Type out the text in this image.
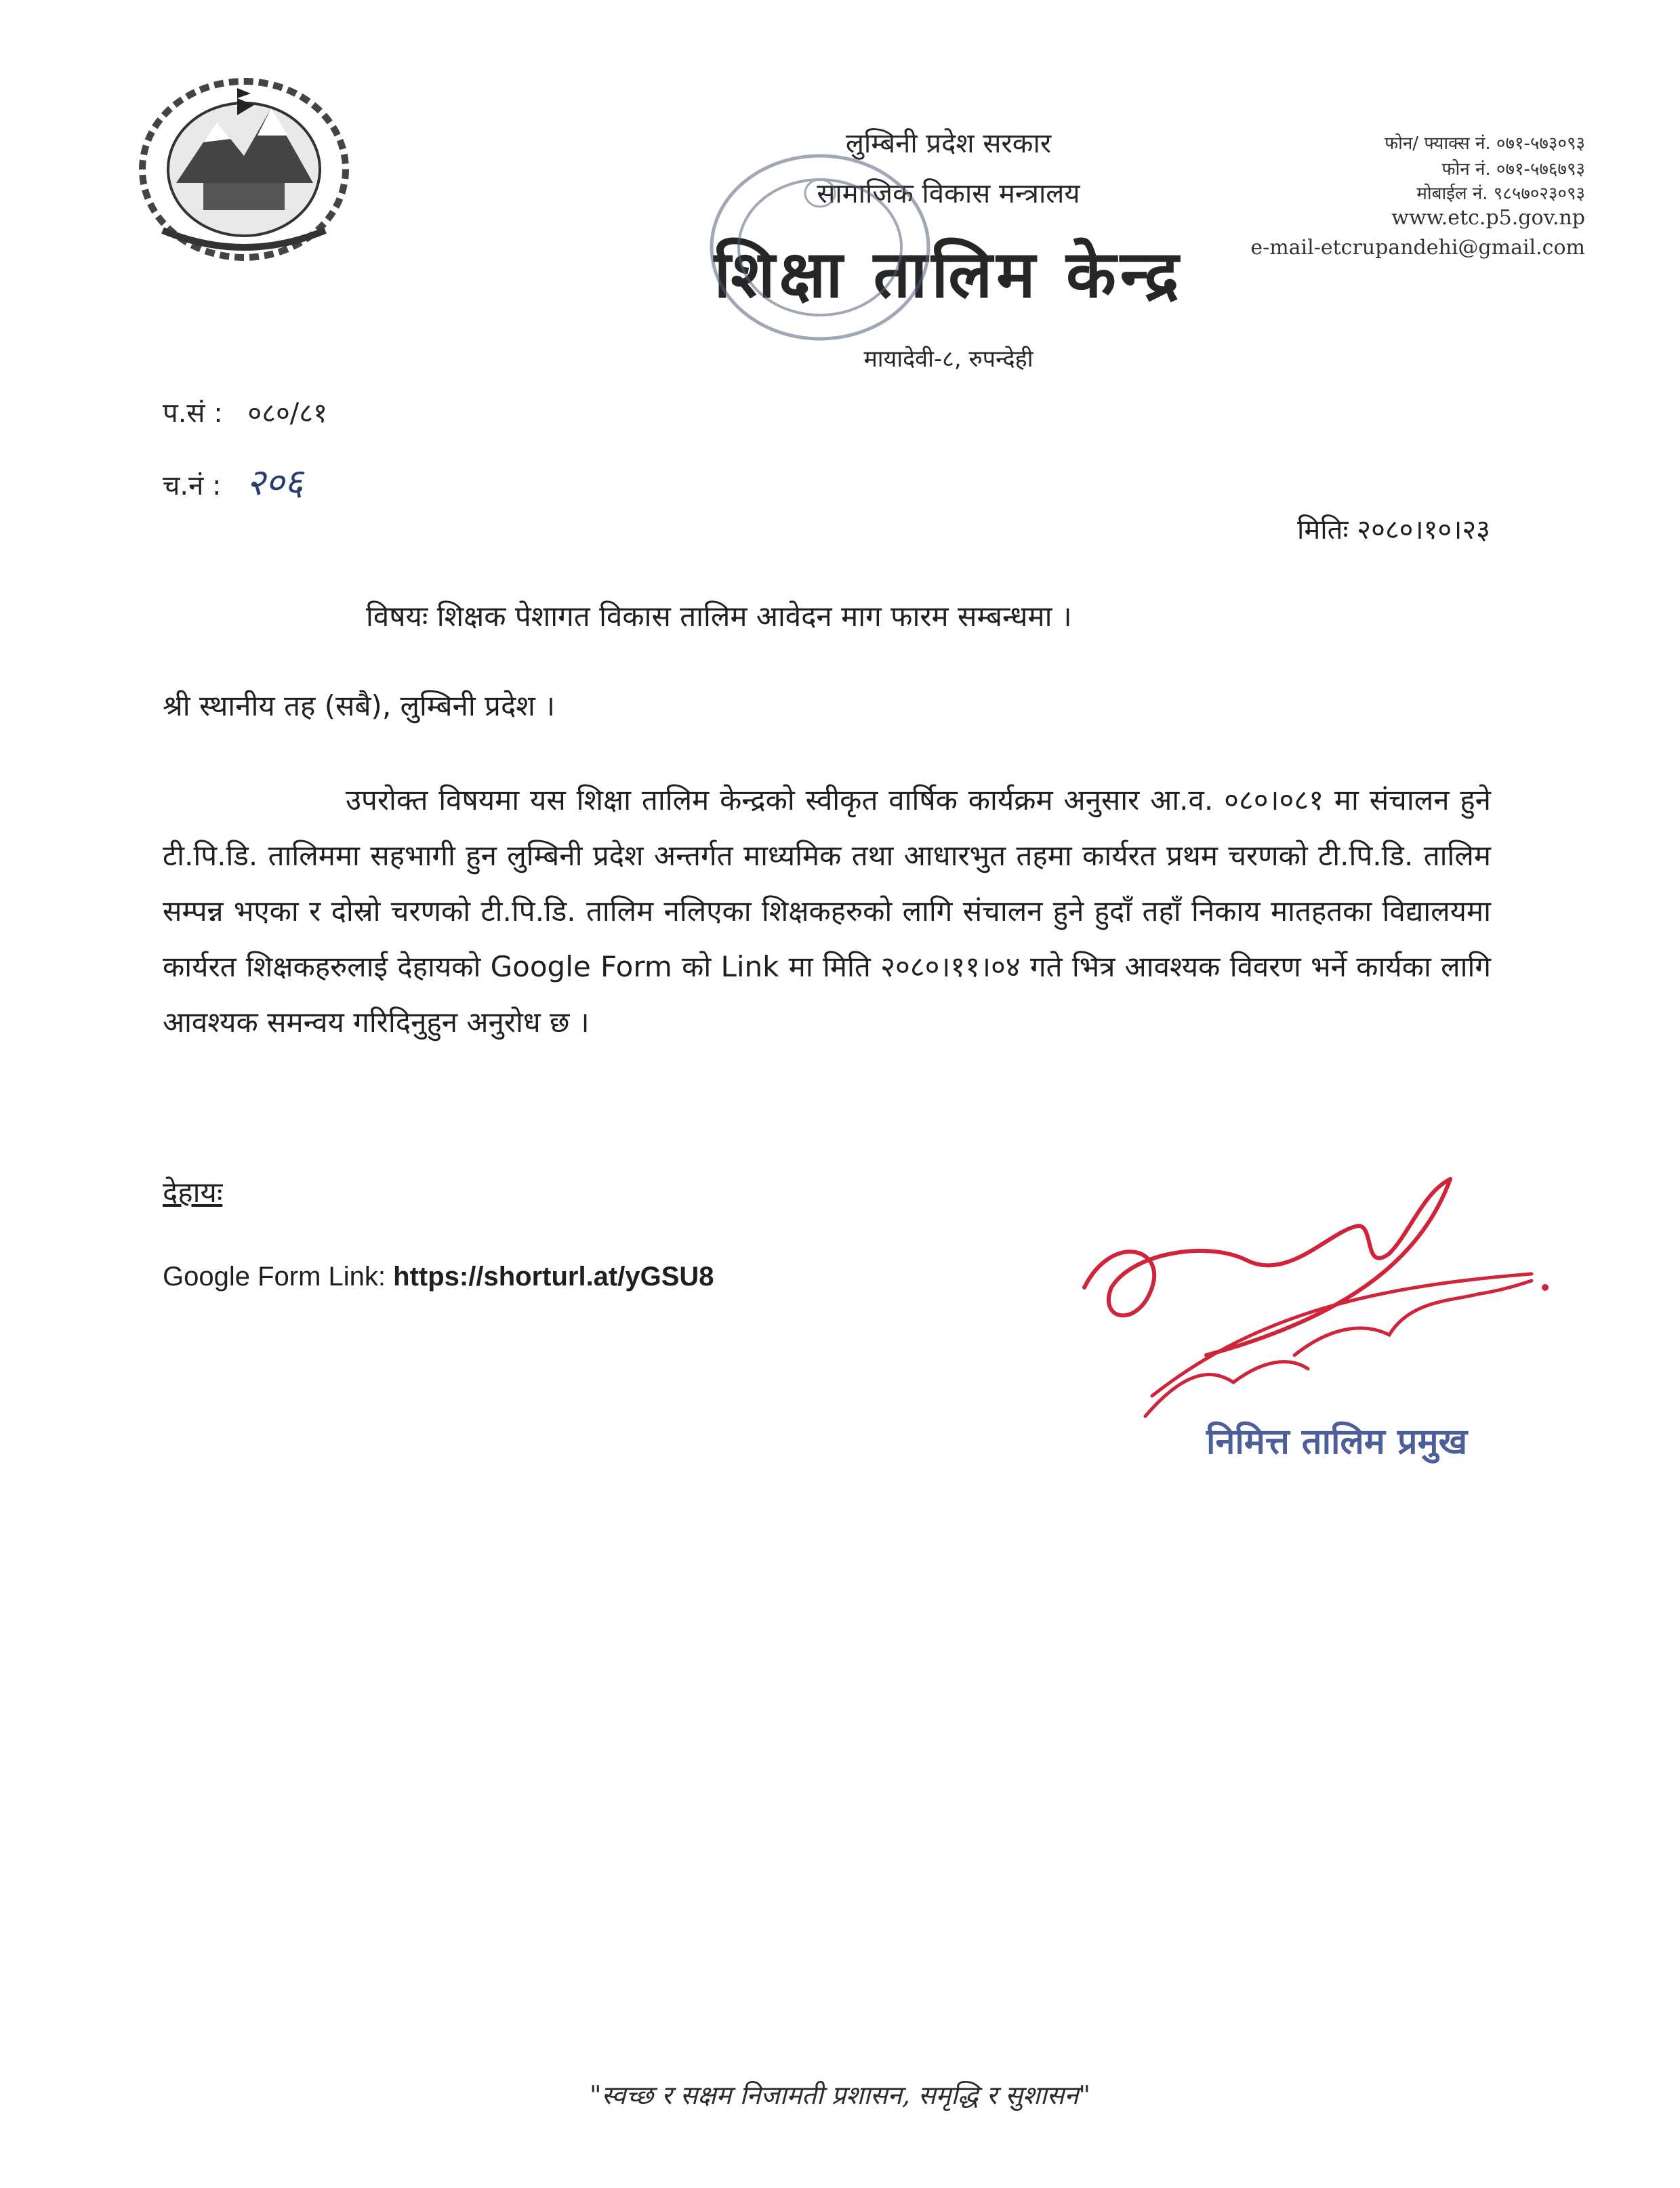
लुम्बिनी प्रदेश सरकार
सामाजिक विकास मन्त्रालय
शिक्षा तालिम केन्द्र
मायादेवी-८, रुपन्देही
फोन/ फ्याक्स नं. ०७१-५७३०९३
फोन नं. ०७१-५७६७९३
मोबाईल नं. ९८५७०२३०९३
www.etc.p5.gov.np
e-mail-etcrupandehi@gmail.com
प.सं : ०८०/८१
च.नं : २०६
मितिः २०८०।१०।२३
विषयः शिक्षक पेशागत विकास तालिम आवेदन माग फारम सम्बन्धमा ।
श्री स्थानीय तह (सबै), लुम्बिनी प्रदेश ।
उपरोक्त विषयमा यस शिक्षा तालिम केन्द्रको स्वीकृत वार्षिक कार्यक्रम अनुसार आ.व. ०८०।०८१ मा संचालन हुने टी.पि.डि. तालिममा सहभागी हुन लुम्बिनी प्रदेश अन्तर्गत माध्यमिक तथा आधारभुत तहमा कार्यरत प्रथम चरणको टी.पि.डि. तालिम सम्पन्न भएका र दोस्रो चरणको टी.पि.डि. तालिम नलिएका शिक्षकहरुको लागि संचालन हुने हुदाँ तहाँ निकाय मातहतका विद्यालयमा कार्यरत शिक्षकहरुलाई देहायको Google Form को Link मा मिति २०८०।११।०४ गते भित्र आवश्यक विवरण भर्ने कार्यका लागि आवश्यक समन्वय गरिदिनुहुन अनुरोध छ ।
देहायः
Google Form Link: https://shorturl.at/yGSU8
निमित्त तालिम प्रमुख
"स्वच्छ र सक्षम निजामती प्रशासन, समृद्धि र सुशासन"
